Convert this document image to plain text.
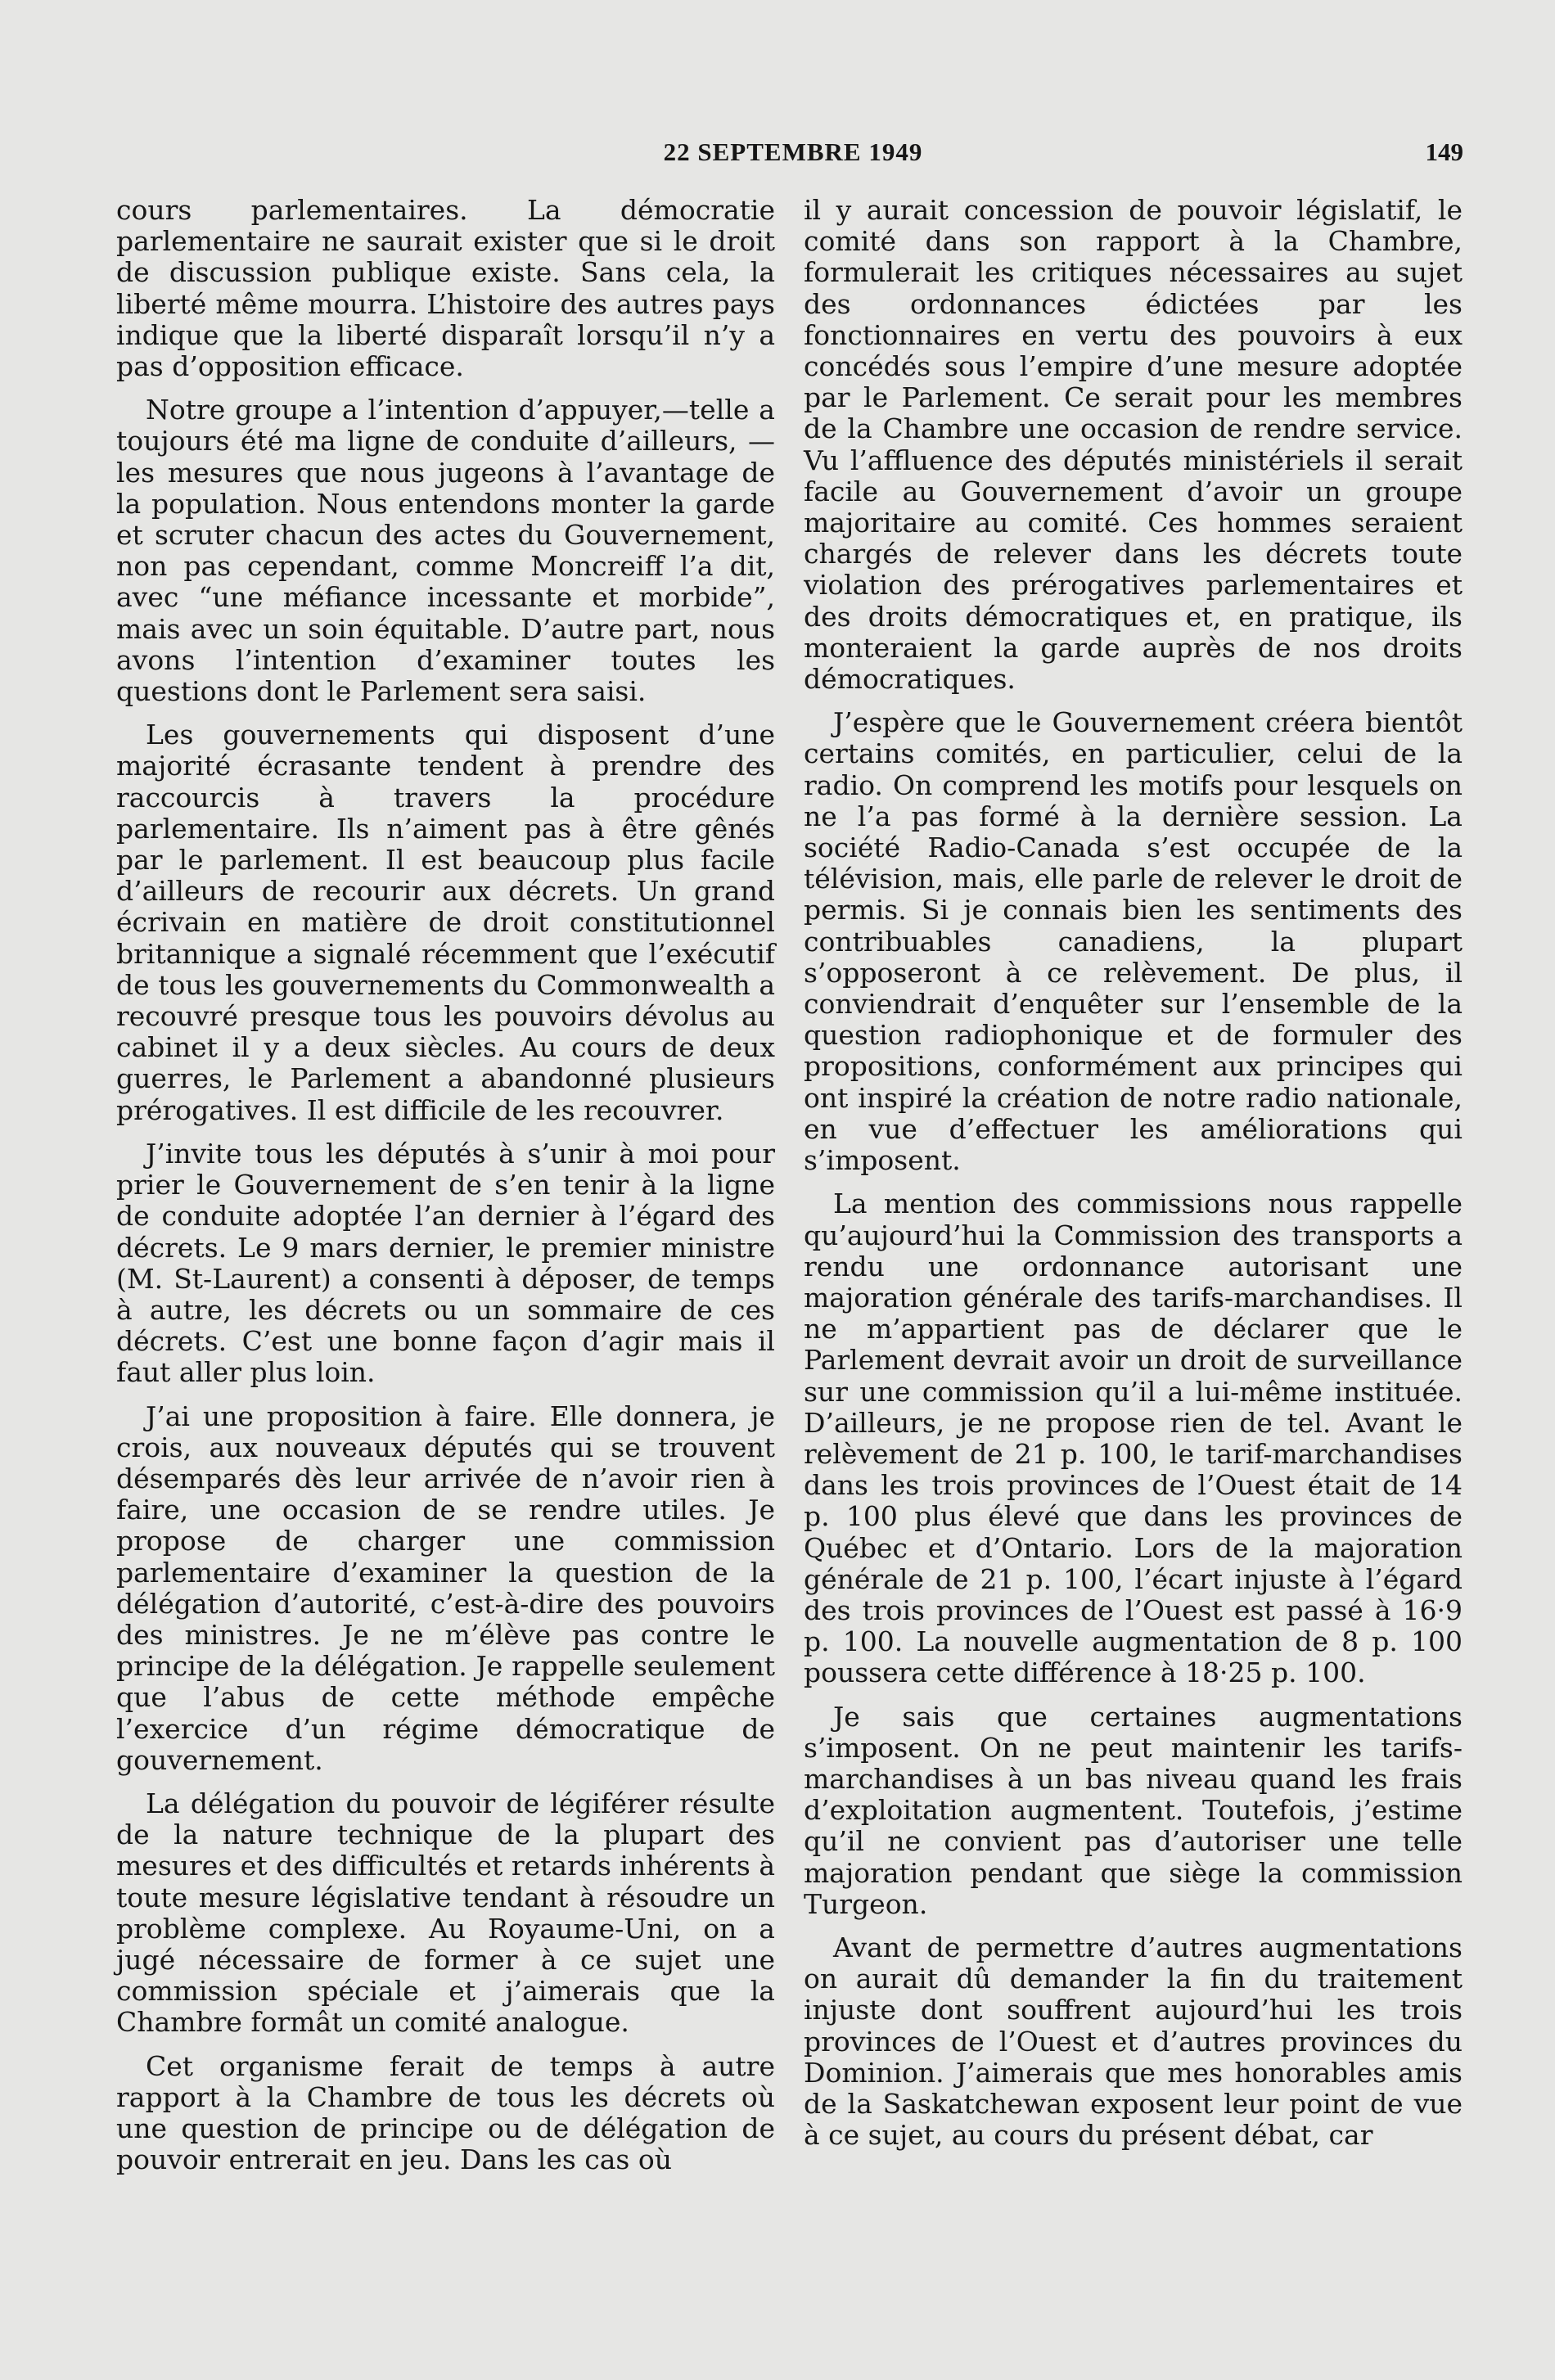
22 SEPTEMBRE 1949	149

cours parlementaires. La démocratie parlementaire ne saurait exister que si le droit de discussion publique existe. Sans cela, la liberté même mourra. L’histoire des autres pays indique que la liberté disparaît lorsqu’il n’y a pas d’opposition efficace.

Notre groupe a l’intention d’appuyer,—telle a toujours été ma ligne de conduite d’ailleurs, —les mesures que nous jugeons à l’avantage de la population. Nous entendons monter la garde et scruter chacun des actes du Gouvernement, non pas cependant, comme Moncreiff l’a dit, avec “une méfiance incessante et morbide”, mais avec un soin équitable. D’autre part, nous avons l’intention d’examiner toutes les questions dont le Parlement sera saisi.

Les gouvernements qui disposent d’une majorité écrasante tendent à prendre des raccourcis à travers la procédure parlementaire. Ils n’aiment pas à être gênés par le parlement. Il est beaucoup plus facile d’ailleurs de recourir aux décrets. Un grand écrivain en matière de droit constitutionnel britannique a signalé récemment que l’exécutif de tous les gouvernements du Commonwealth a recouvré presque tous les pouvoirs dévolus au cabinet il y a deux siècles. Au cours de deux guerres, le Parlement a abandonné plusieurs prérogatives. Il est difficile de les recouvrer.

J’invite tous les députés à s’unir à moi pour prier le Gouvernement de s’en tenir à la ligne de conduite adoptée l’an dernier à l’égard des décrets. Le 9 mars dernier, le premier ministre (M. St-Laurent) a consenti à déposer, de temps à autre, les décrets ou un sommaire de ces décrets. C’est une bonne façon d’agir mais il faut aller plus loin.

J’ai une proposition à faire. Elle donnera, je crois, aux nouveaux députés qui se trouvent désemparés dès leur arrivée de n’avoir rien à faire, une occasion de se rendre utiles. Je propose de charger une commission parlementaire d’examiner la question de la délégation d’autorité, c’est-à-dire des pouvoirs des ministres. Je ne m’élève pas contre le principe de la délégation. Je rappelle seulement que l’abus de cette méthode empêche l’exercice d’un régime démocratique de gouvernement.

La délégation du pouvoir de légiférer résulte de la nature technique de la plupart des mesures et des difficultés et retards inhérents à toute mesure législative tendant à résoudre un problème complexe. Au Royaume-Uni, on a jugé nécessaire de former à ce sujet une commission spéciale et j’aimerais que la Chambre formât un comité analogue.

Cet organisme ferait de temps à autre rapport à la Chambre de tous les décrets où une question de principe ou de délégation de pouvoir entrerait en jeu. Dans les cas où

il y aurait concession de pouvoir législatif, le comité dans son rapport à la Chambre, formulerait les critiques nécessaires au sujet des ordonnances édictées par les fonctionnaires en vertu des pouvoirs à eux concédés sous l’empire d’une mesure adoptée par le Parlement. Ce serait pour les membres de la Chambre une occasion de rendre service. Vu l’affluence des députés ministériels il serait facile au Gouvernement d’avoir un groupe majoritaire au comité. Ces hommes seraient chargés de relever dans les décrets toute violation des prérogatives parlementaires et des droits démocratiques et, en pratique, ils monteraient la garde auprès de nos droits démocratiques.

J’espère que le Gouvernement créera bientôt certains comités, en particulier, celui de la radio. On comprend les motifs pour lesquels on ne l’a pas formé à la dernière session. La société Radio-Canada s’est occupée de la télévision, mais, elle parle de relever le droit de permis. Si je connais bien les sentiments des contribuables canadiens, la plupart s’opposeront à ce relèvement. De plus, il conviendrait d’enquêter sur l’ensemble de la question radiophonique et de formuler des propositions, conformément aux principes qui ont inspiré la création de notre radio nationale, en vue d’effectuer les améliorations qui s’imposent.

La mention des commissions nous rappelle qu’aujourd’hui la Commission des transports a rendu une ordonnance autorisant une majoration générale des tarifs-marchandises. Il ne m’appartient pas de déclarer que le Parlement devrait avoir un droit de surveillance sur une commission qu’il a lui-même instituée. D’ailleurs, je ne propose rien de tel. Avant le relèvement de 21 p. 100, le tarif-marchandises dans les trois provinces de l’Ouest était de 14 p. 100 plus élevé que dans les provinces de Québec et d’Ontario. Lors de la majoration générale de 21 p. 100, l’écart injuste à l’égard des trois provinces de l’Ouest est passé à 16·9 p. 100. La nouvelle augmentation de 8 p. 100 poussera cette différence à 18·25 p. 100.

Je sais que certaines augmentations s’imposent. On ne peut maintenir les tarifs-marchandises à un bas niveau quand les frais d’exploitation augmentent. Toutefois, j’estime qu’il ne convient pas d’autoriser une telle majoration pendant que siège la commission Turgeon.

Avant de permettre d’autres augmentations on aurait dû demander la fin du traitement injuste dont souffrent aujourd’hui les trois provinces de l’Ouest et d’autres provinces du Dominion. J’aimerais que mes honorables amis de la Saskatchewan exposent leur point de vue à ce sujet, au cours du présent débat, car
